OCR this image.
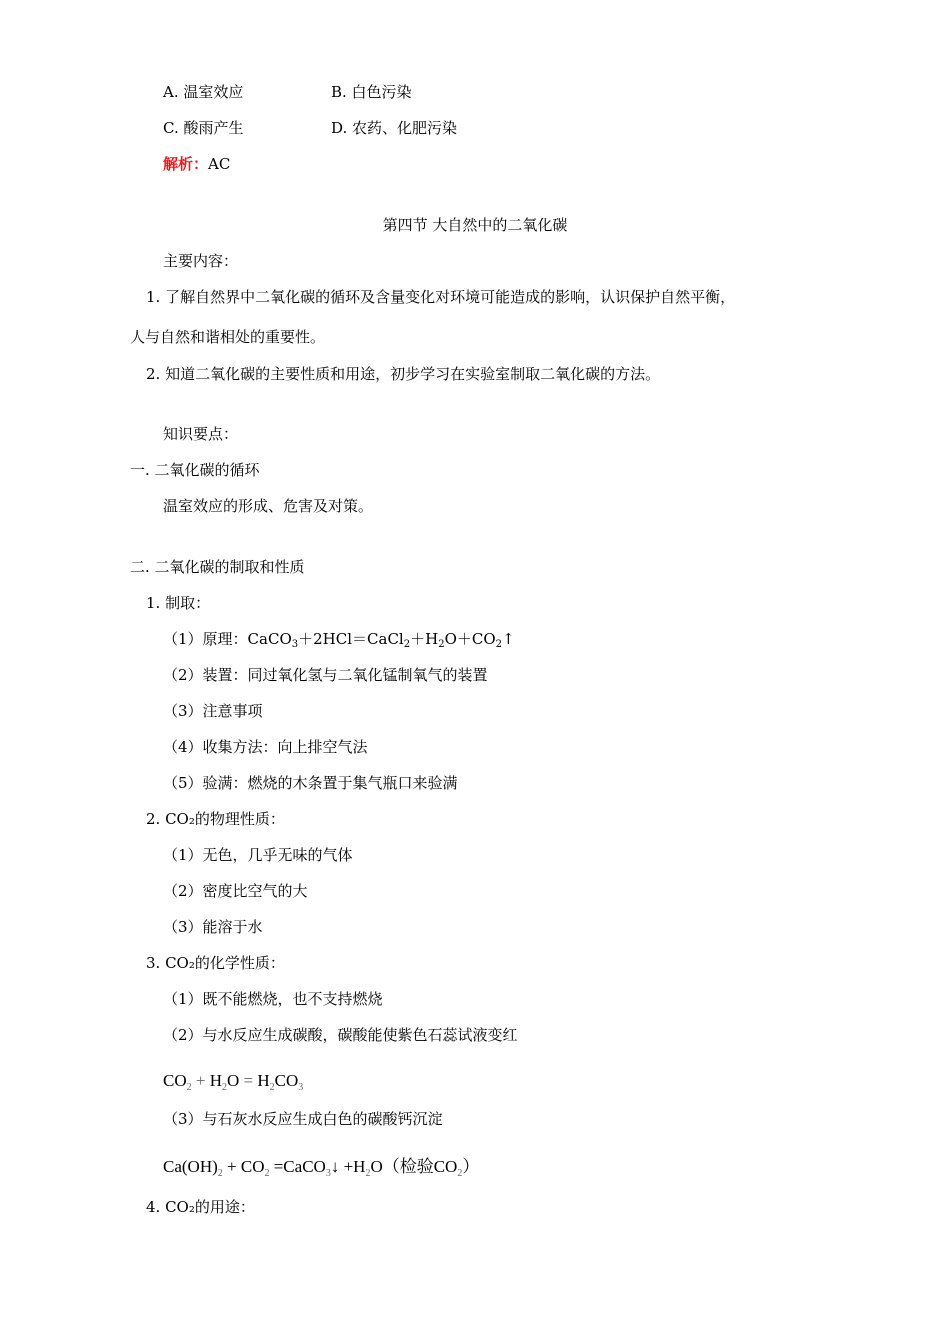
A. 温室效应	B. 白色污染
C. 酸雨产生	D. 农药、化肥污染
解析：AC
第四节 大自然中的二氧化碳
主要内容：
1. 了解自然界中二氧化碳的循环及含量变化对环境可能造成的影响，认识保护自然平衡，
人与自然和谐相处的重要性。
2. 知道二氧化碳的主要性质和用途，初步学习在实验室制取二氧化碳的方法。
知识要点：
一. 二氧化碳的循环
温室效应的形成、危害及对策。
二. 二氧化碳的制取和性质
1. 制取：
（1）原理：$CaCO_3+2HCl=CaCl_2+H_2O+CO_2↑$
（2）装置：同过氧化氢与二氧化锰制氧气的装置
（3）注意事项
（4）收集方法：向上排空气法
（5）验满：燃烧的木条置于集气瓶口来验满
2. CO₂的物理性质：
（1）无色，几乎无味的气体
（2）密度比空气的大
（3）能溶于水
3. CO₂的化学性质：
（1）既不能燃烧，也不支持燃烧
（2）与水反应生成碳酸，碳酸能使紫色石蕊试液变红
$CO_2 + H_2O = H_2CO_3$
（3）与石灰水反应生成白色的碳酸钙沉淀
$Ca(OH)_2 + CO_2$ =CaCO$_3$↓ $+H_2O$（检验$CO_2$）
4. CO₂的用途：
